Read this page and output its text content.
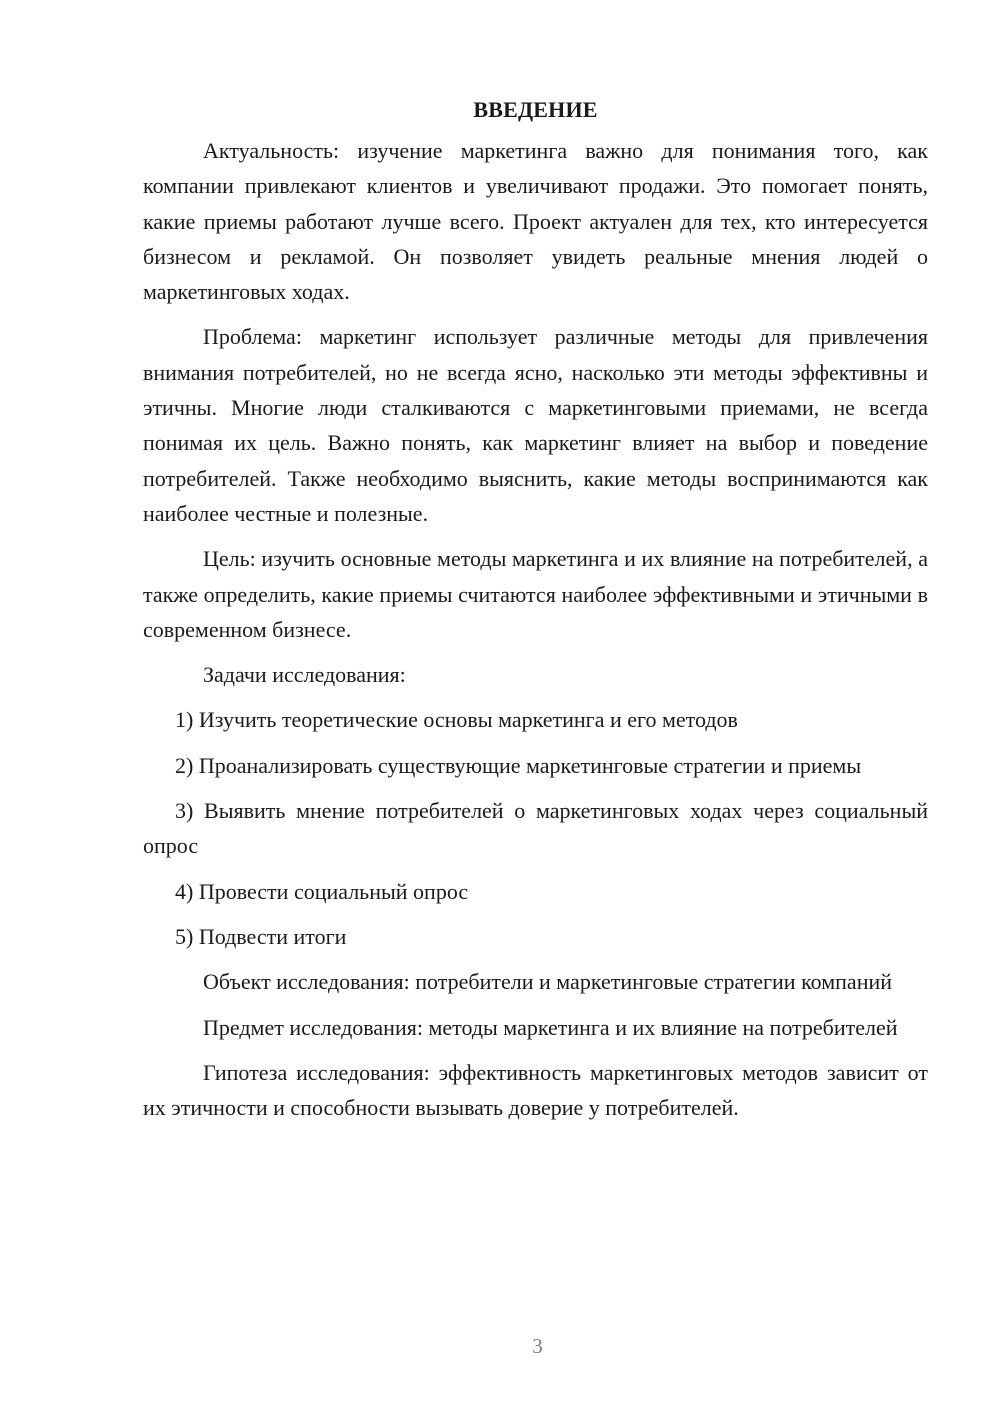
ВВЕДЕНИЕ

Актуальность: изучение маркетинга важно для понимания того, как компании привлекают клиентов и увеличивают продажи. Это помогает понять, какие приемы работают лучше всего. Проект актуален для тех, кто интересуется бизнесом и рекламой. Он позволяет увидеть реальные мнения людей о маркетинговых ходах.

Проблема: маркетинг использует различные методы для привлечения внимания потребителей, но не всегда ясно, насколько эти методы эффективны и этичны. Многие люди сталкиваются с маркетинговыми приемами, не всегда понимая их цель. Важно понять, как маркетинг влияет на выбор и поведение потребителей. Также необходимо выяснить, какие методы воспринимаются как наиболее честные и полезные.

Цель: изучить основные методы маркетинга и их влияние на потребителей, а также определить, какие приемы считаются наиболее эффективными и этичными в современном бизнесе.

Задачи исследования:

1) Изучить теоретические основы маркетинга и его методов

2) Проанализировать существующие маркетинговые стратегии и приемы

3) Выявить мнение потребителей о маркетинговых ходах через социальный опрос

4) Провести социальный опрос

5) Подвести итоги

Объект исследования: потребители и маркетинговые стратегии компаний

Предмет исследования: методы маркетинга и их влияние на потребителей

Гипотеза исследования: эффективность маркетинговых методов зависит от их этичности и способности вызывать доверие у потребителей.

3
